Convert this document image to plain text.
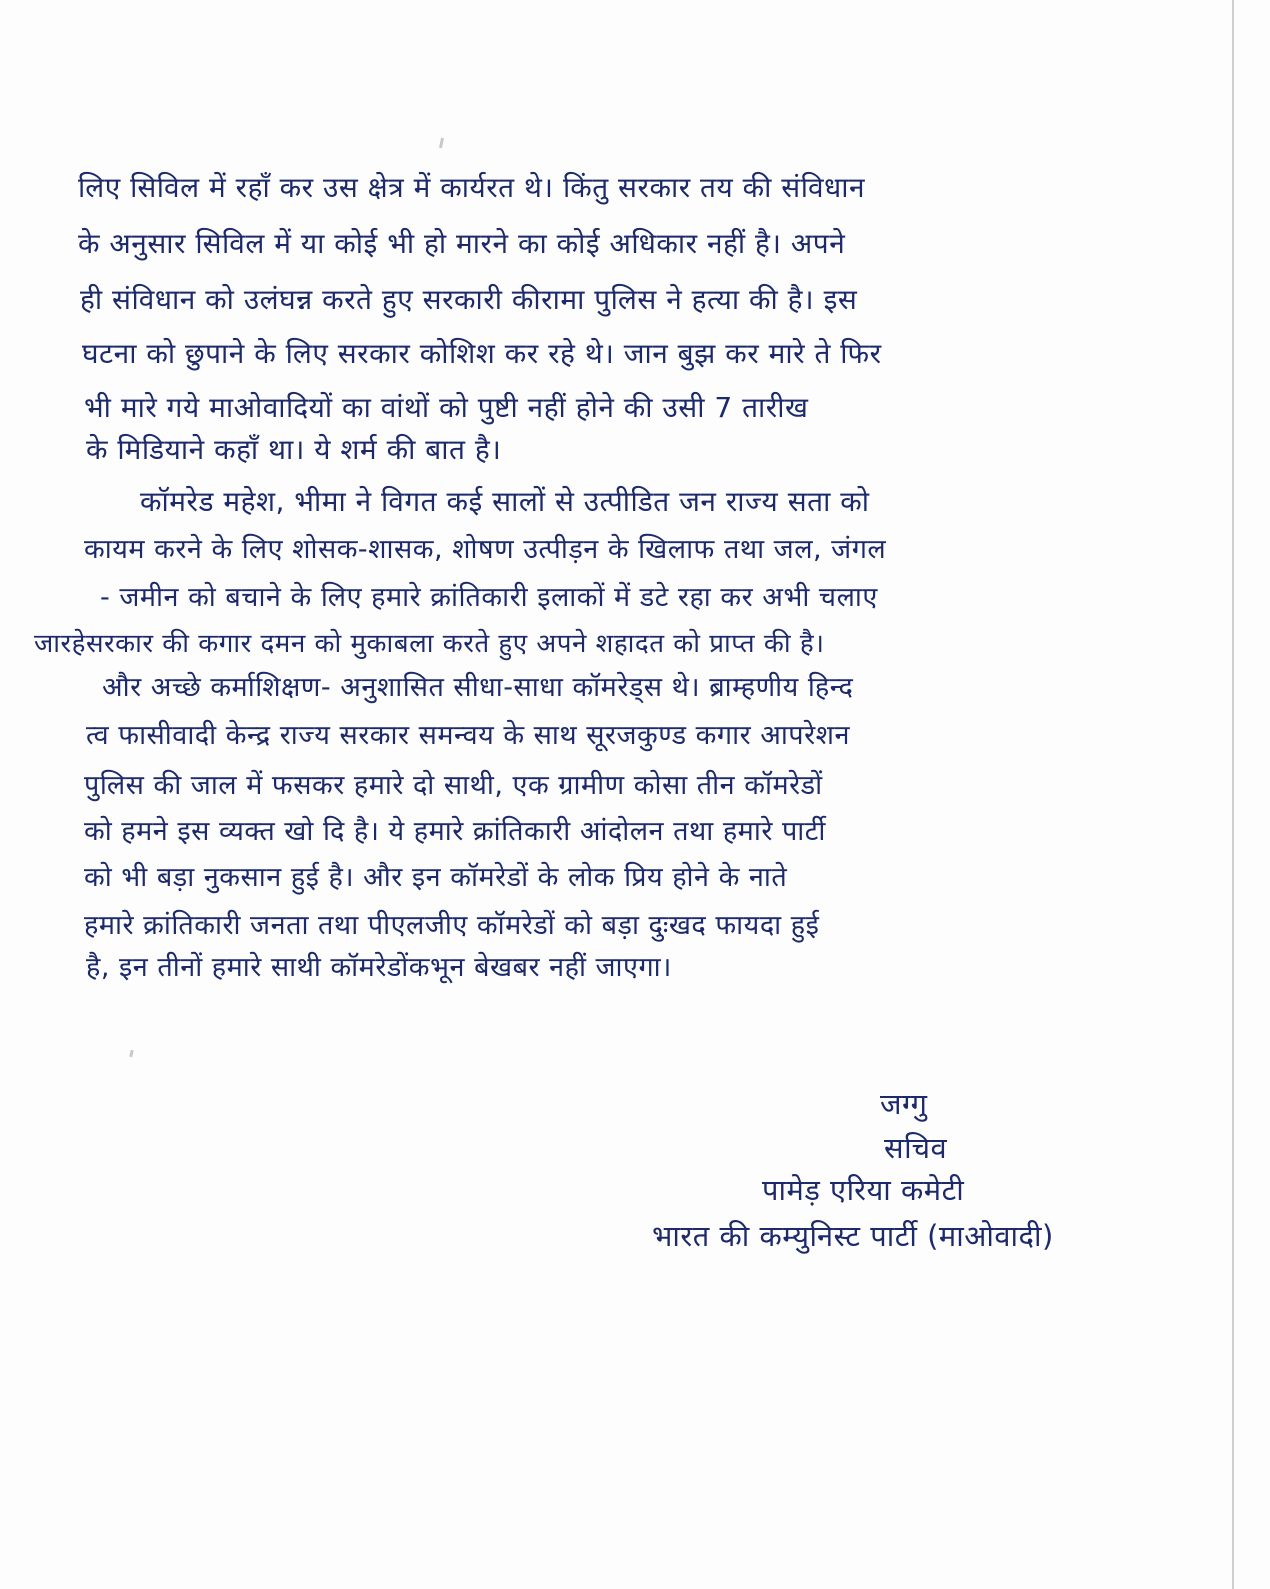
लिए सिविल में रहाँ कर उस क्षेत्र में कार्यरत थे। किंतु सरकार तय की संविधान
के अनुसार सिविल में या कोई भी हो मारने का कोई अधिकार नहीं है। अपने
ही संविधान को उलंघन्न करते हुए सरकारी कीरामा पुलिस ने हत्या की है। इस
घटना को छुपाने के लिए सरकार कोशिश कर रहे थे। जान बुझ कर मारे ते फिर
भी मारे गये माओवादियों का वांथों को पुष्टी नहीं होने की उसी 7 तारीख
के मिडियाने कहाँ था। ये शर्म की बात है।
कॉमरेड महेश, भीमा ने विगत कई सालों से उत्पीडित जन राज्य सता को
कायम करने के लिए शोसक-शासक, शोषण उत्पीड़न के खिलाफ तथा जल, जंगल
- जमीन को बचाने के लिए हमारे क्रांतिकारी इलाकों में डटे रहा कर अभी चलाए
जारहेसरकार की कगार दमन को मुकाबला करते हुए अपने शहादत को प्राप्त की है।
और अच्छे कर्माशिक्षण- अनुशासित सीधा-साधा कॉमरेड्स थे। ब्राम्हणीय हिन्द
त्व फासीवादी केन्द्र राज्य सरकार समन्वय के साथ सूरजकुण्ड कगार आपरेशन
पुलिस की जाल में फसकर हमारे दो साथी, एक ग्रामीण कोसा तीन कॉमरेडों
को हमने इस व्यक्त खो दि है। ये हमारे क्रांतिकारी आंदोलन तथा हमारे पार्टी
को भी बड़ा नुकसान हुई है। और इन कॉमरेडों के लोक प्रिय होने के नाते
हमारे क्रांतिकारी जनता तथा पीएलजीए कॉमरेडों को बड़ा दुःखद फायदा हुई
है, इन तीनों हमारे साथी कॉमरेडोंकभून बेखबर नहीं जाएगा।
जग्गु
सचिव
पामेड़ एरिया कमेटी
भारत की कम्युनिस्ट पार्टी (माओवादी)
